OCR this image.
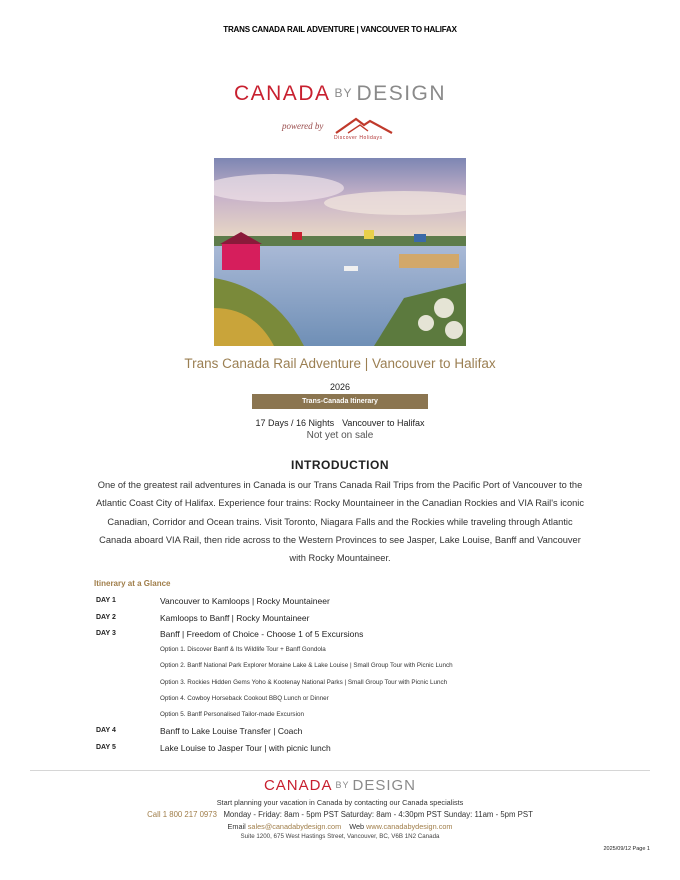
TRANS CANADA RAIL ADVENTURE | VANCOUVER TO HALIFAX
CANADA BY DESIGN
powered by
Discover Holidays
Trans Canada Rail Adventure | Vancouver to Halifax
2026
Trans-Canada Itinerary
17 Days / 16 Nights Vancouver to Halifax
Not yet on sale
INTRODUCTION
One of the greatest rail adventures in Canada is our Trans Canada Rail Trips from the Pacific Port of Vancouver to the Atlantic Coast City of Halifax. Experience four trains: Rocky Mountaineer in the Canadian Rockies and VIA Rail's iconic Canadian, Corridor and Ocean trains. Visit Toronto, Niagara Falls and the Rockies while traveling through Atlantic Canada aboard VIA Rail, then ride across to the Western Provinces to see Jasper, Lake Louise, Banff and Vancouver with Rocky Mountaineer.
Itinerary at a Glance
DAY 1	Vancouver to Kamloops | Rocky Mountaineer
DAY 2	Kamloops to Banff | Rocky Mountaineer
DAY 3	Banff | Freedom of Choice - Choose 1 of 5 Excursions
Option 1. Discover Banff & Its Wildlife Tour + Banff Gondola
Option 2. Banff National Park Explorer Moraine Lake & Lake Louise | Small Group Tour with Picnic Lunch
Option 3. Rockies Hidden Gems Yoho & Kootenay National Parks | Small Group Tour with Picnic Lunch
Option 4. Cowboy Horseback Cookout BBQ Lunch or Dinner
Option 5. Banff Personalised Tailor-made Excursion
DAY 4	Banff to Lake Louise Transfer | Coach
DAY 5	Lake Louise to Jasper Tour | with picnic lunch
CANADA BY DESIGN
Start planning your vacation in Canada by contacting our Canada specialists
Call 1 800 217 0973 Monday - Friday: 8am - 5pm PST Saturday: 8am - 4:30pm PST Sunday: 11am - 5pm PST
Email sales@canadabydesign.com Web www.canadabydesign.com
Suite 1200, 675 West Hastings Street, Vancouver, BC, V6B 1N2 Canada
2025/09/12 Page 1
